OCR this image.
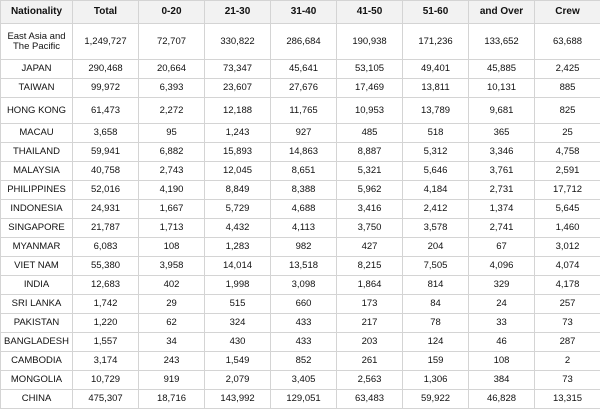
Nationality	Total	0-20	21-30	31-40	41-50	51-60	and Over	Crew
East Asia and The Pacific	1,249,727	72,707	330,822	286,684	190,938	171,236	133,652	63,688
JAPAN	290,468	20,664	73,347	45,641	53,105	49,401	45,885	2,425
TAIWAN	99,972	6,393	23,607	27,676	17,469	13,811	10,131	885
HONG KONG	61,473	2,272	12,188	11,765	10,953	13,789	9,681	825
MACAU	3,658	95	1,243	927	485	518	365	25
THAILAND	59,941	6,882	15,893	14,863	8,887	5,312	3,346	4,758
MALAYSIA	40,758	2,743	12,045	8,651	5,321	5,646	3,761	2,591
PHILIPPINES	52,016	4,190	8,849	8,388	5,962	4,184	2,731	17,712
INDONESIA	24,931	1,667	5,729	4,688	3,416	2,412	1,374	5,645
SINGAPORE	21,787	1,713	4,432	4,113	3,750	3,578	2,741	1,460
MYANMAR	6,083	108	1,283	982	427	204	67	3,012
VIET NAM	55,380	3,958	14,014	13,518	8,215	7,505	4,096	4,074
INDIA	12,683	402	1,998	3,098	1,864	814	329	4,178
SRI LANKA	1,742	29	515	660	173	84	24	257
PAKISTAN	1,220	62	324	433	217	78	33	73
BANGLADESH	1,557	34	430	433	203	124	46	287
CAMBODIA	3,174	243	1,549	852	261	159	108	2
MONGOLIA	10,729	919	2,079	3,405	2,563	1,306	384	73
CHINA	475,307	18,716	143,992	129,051	63,483	59,922	46,828	13,315
